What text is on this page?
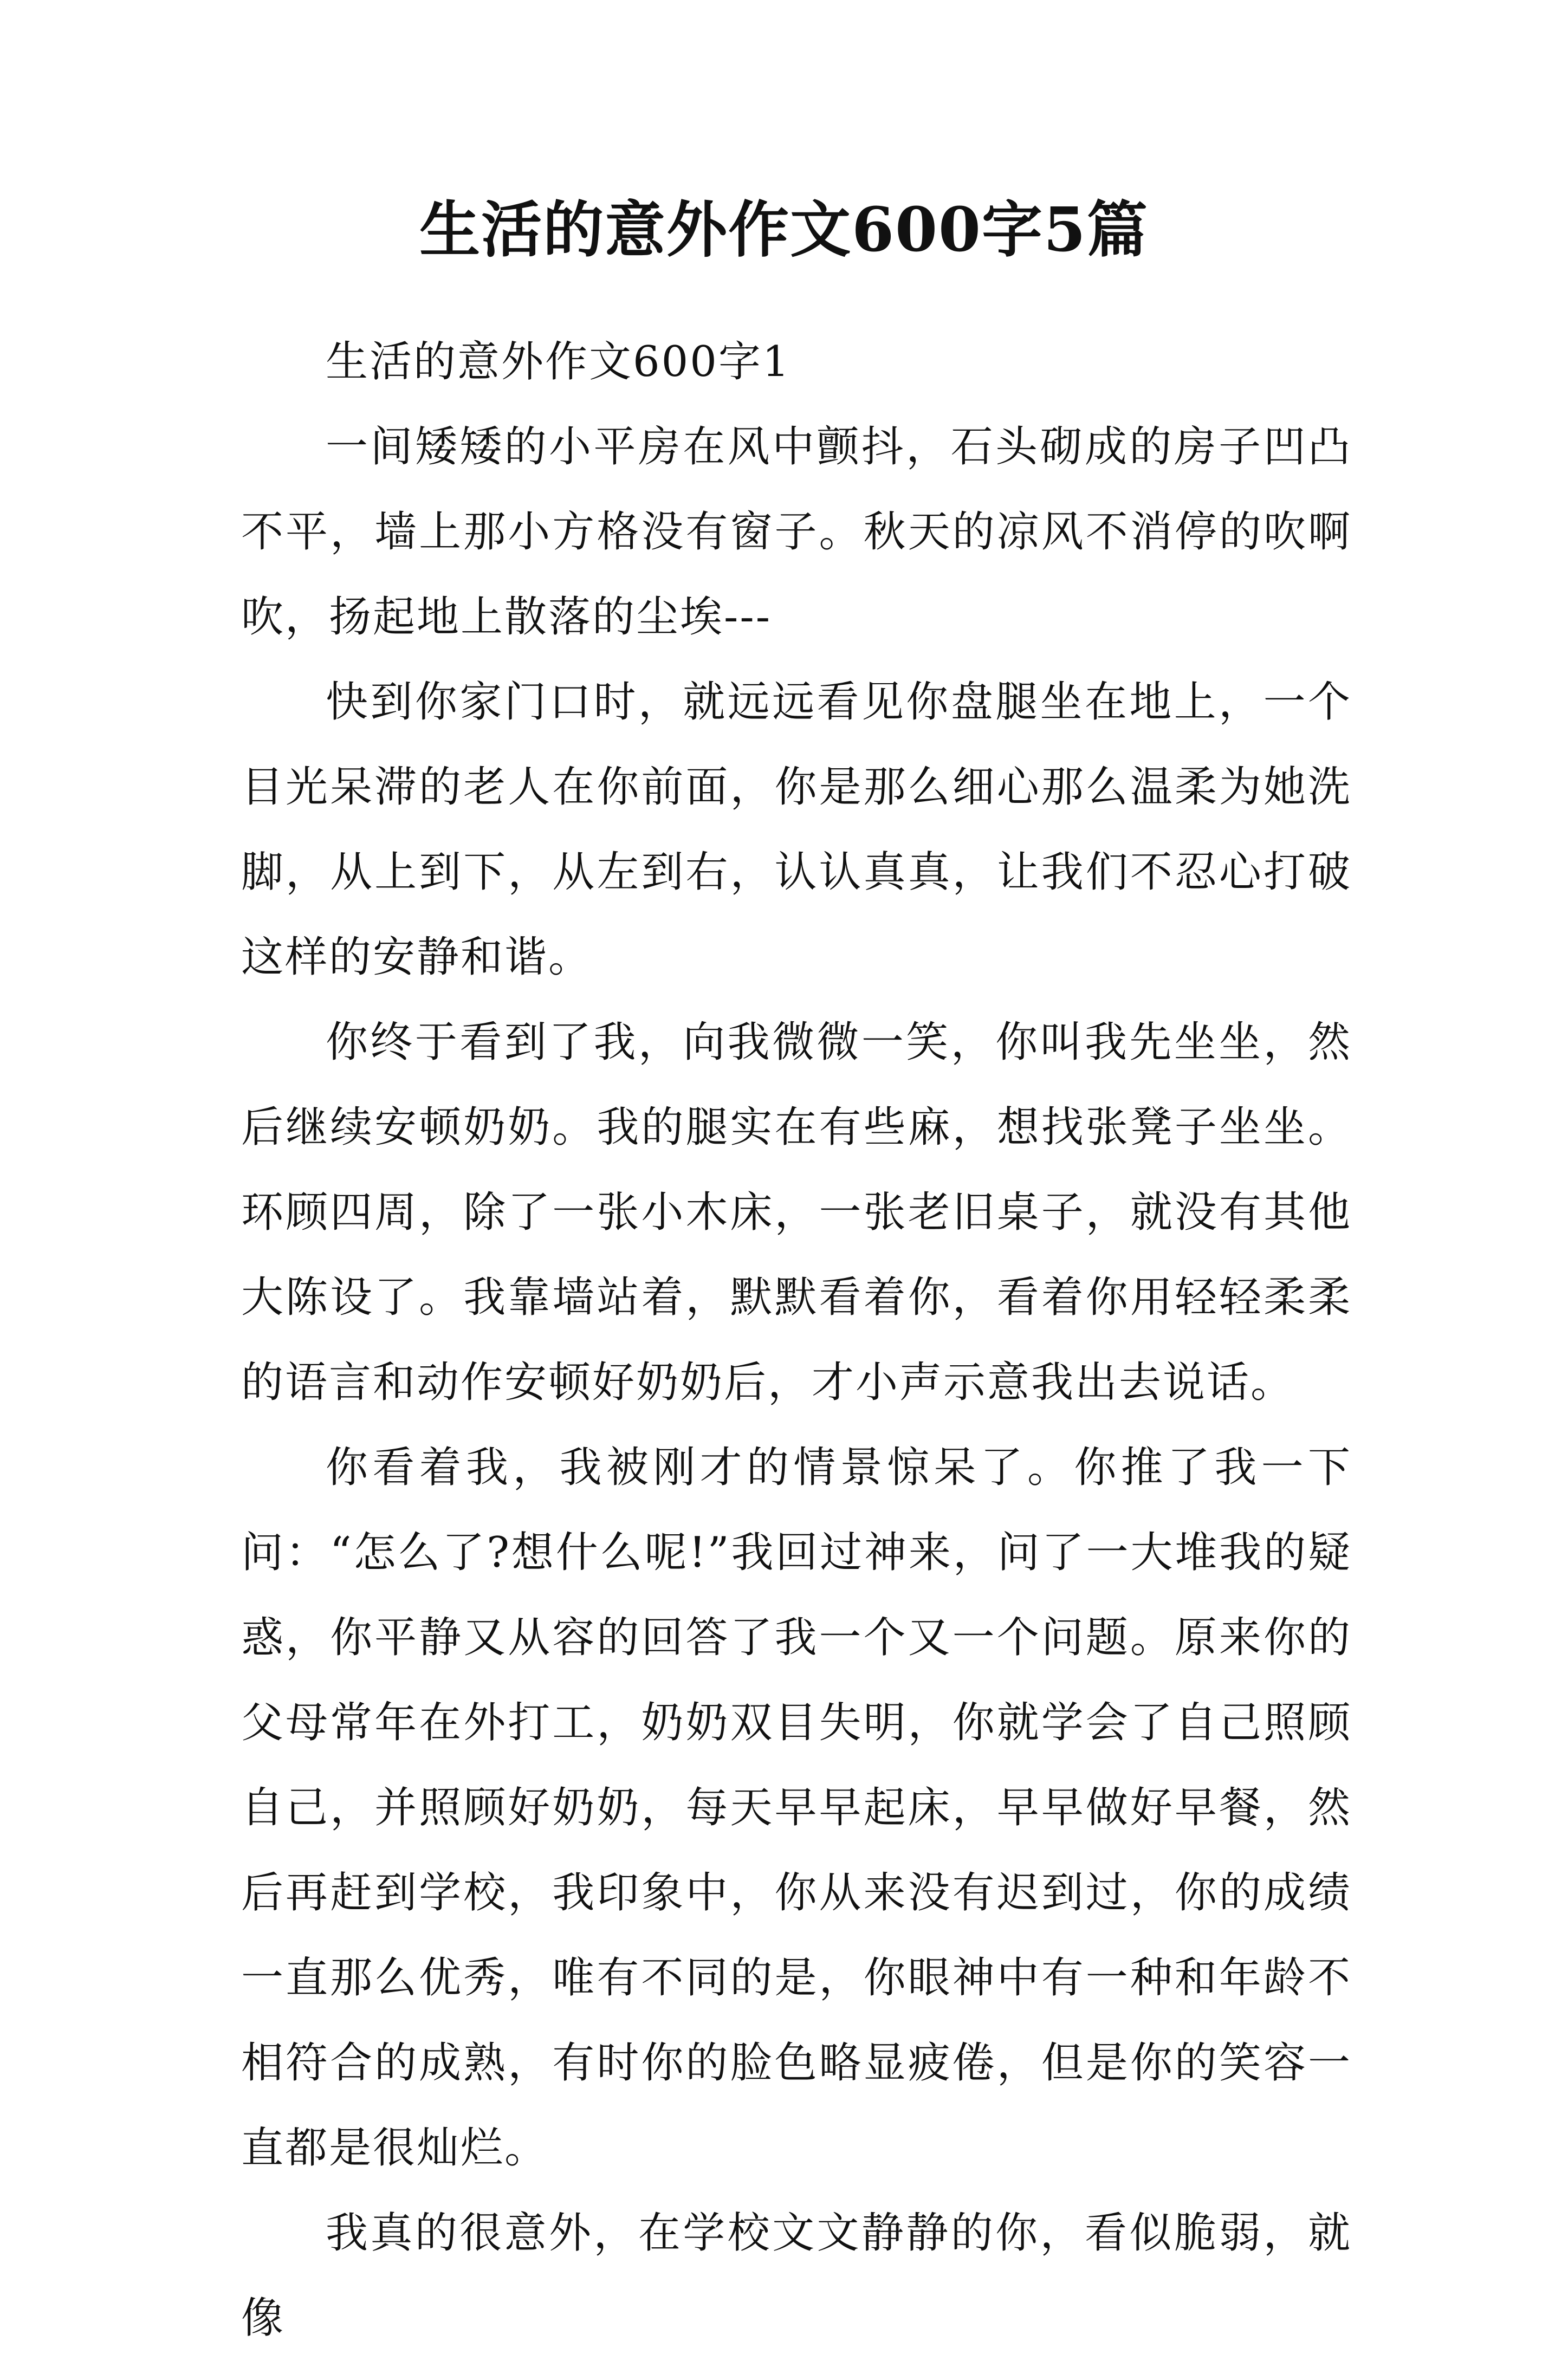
生活的意外作文600字5篇

生活的意外作文600字1

一间矮矮的小平房在风中颤抖，石头砌成的房子凹凸不平，墙上那小方格没有窗子。秋天的凉风不消停的吹啊吹，扬起地上散落的尘埃---

快到你家门口时，就远远看见你盘腿坐在地上，一个目光呆滞的老人在你前面，你是那么细心那么温柔为她洗脚，从上到下，从左到右，认认真真，让我们不忍心打破这样的安静和谐。

你终于看到了我，向我微微一笑，你叫我先坐坐，然后继续安顿奶奶。我的腿实在有些麻，想找张凳子坐坐。环顾四周，除了一张小木床，一张老旧桌子，就没有其他大陈设了。我靠墙站着，默默看着你，看着你用轻轻柔柔的语言和动作安顿好奶奶后，才小声示意我出去说话。

你看着我，我被刚才的情景惊呆了。你推了我一下问：“怎么了?想什么呢!”我回过神来，问了一大堆我的疑惑，你平静又从容的回答了我一个又一个问题。原来你的父母常年在外打工，奶奶双目失明，你就学会了自己照顾自己，并照顾好奶奶，每天早早起床，早早做好早餐，然后再赶到学校，我印象中，你从来没有迟到过，你的成绩一直那么优秀，唯有不同的是，你眼神中有一种和年龄不相符合的成熟，有时你的脸色略显疲倦，但是你的笑容一直都是很灿烂。

我真的很意外，在学校文文静静的你，看似脆弱，就像
